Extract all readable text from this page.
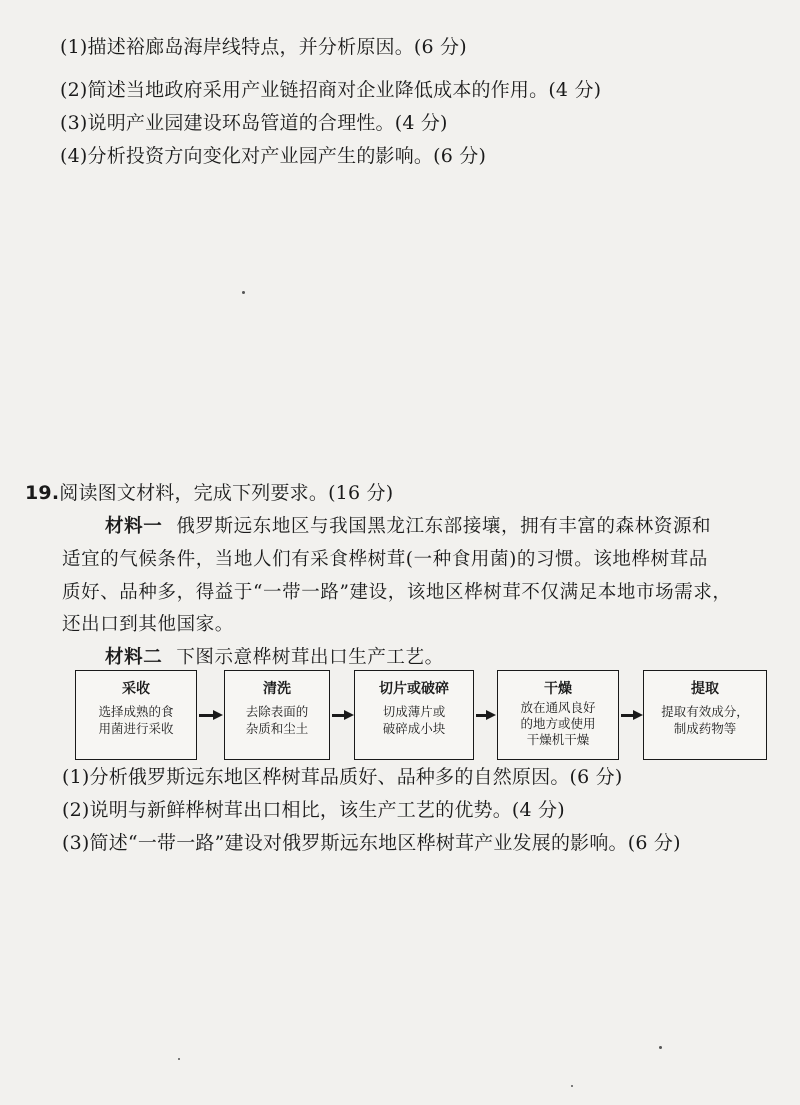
(1)描述裕廊岛海岸线特点，并分析原因。(6 分)
(2)简述当地政府采用产业链招商对企业降低成本的作用。(4 分)
(3)说明产业园建设环岛管道的合理性。(4 分)
(4)分析投资方向变化对产业园产生的影响。(6 分)
19.阅读图文材料，完成下列要求。(16 分)
材料一 俄罗斯远东地区与我国黑龙江东部接壤，拥有丰富的森林资源和
适宜的气候条件，当地人们有采食桦树茸(一种食用菌)的习惯。该地桦树茸品
质好、品种多，得益于“一带一路”建设，该地区桦树茸不仅满足本地市场需求，
还出口到其他国家。
材料二 下图示意桦树茸出口生产工艺。
采收
选择成熟的食
用菌进行采收
清洗
去除表面的
杂质和尘土
切片或破碎
切成薄片或
破碎成小块
干燥
放在通风良好
的地方或使用
干燥机干燥
提取
提取有效成分，
制成药物等
(1)分析俄罗斯远东地区桦树茸品质好、品种多的自然原因。(6 分)
(2)说明与新鲜桦树茸出口相比，该生产工艺的优势。(4 分)
(3)简述“一带一路”建设对俄罗斯远东地区桦树茸产业发展的影响。(6 分)
